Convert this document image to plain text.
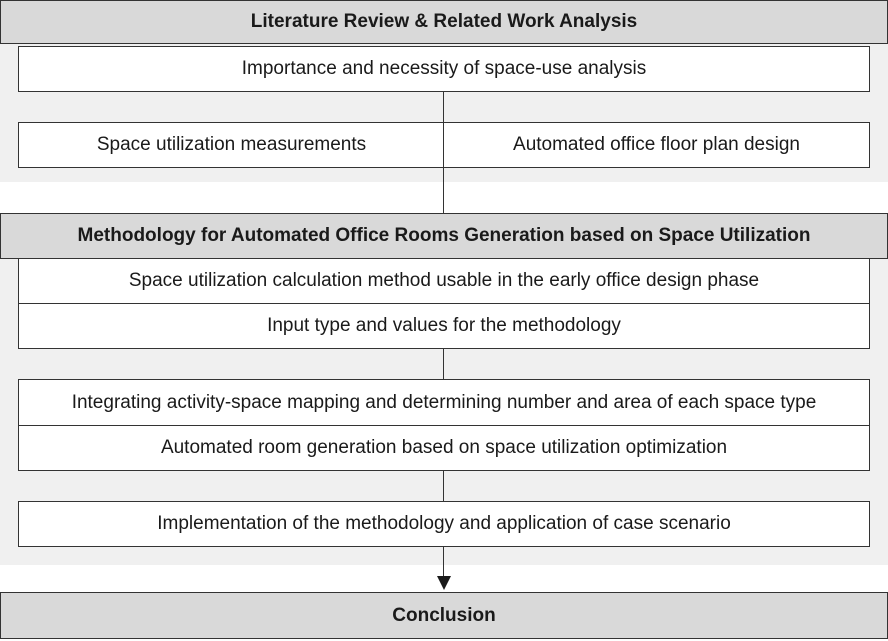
Literature Review & Related Work Analysis
Importance and necessity of space-use analysis
Space utilization measurements	Automated office floor plan design
Methodology for Automated Office Rooms Generation based on Space Utilization
Space utilization calculation method usable in the early office design phase
Input type and values for the methodology
Integrating activity-space mapping and determining number and area of each space type
Automated room generation based on space utilization optimization
Implementation of the methodology and application of case scenario
Conclusion
